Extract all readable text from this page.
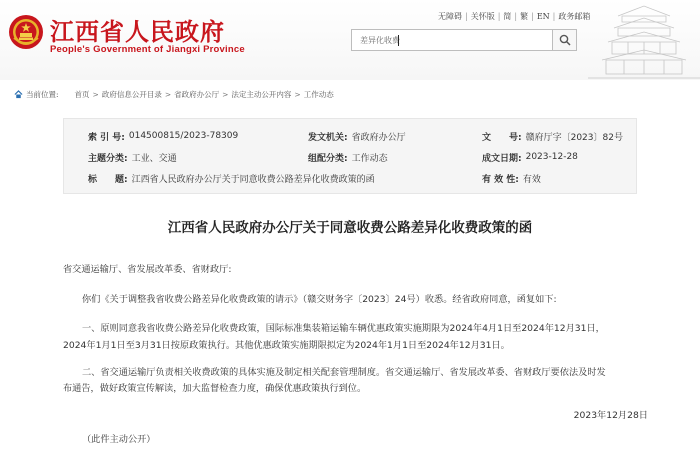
江西省人民政府
People's Government of Jiangxi Province
无障碍 | 关怀版 | 简 | 繁 | EN | 政务邮箱
差异化收费
当前位置: 首页 > 政府信息公开目录 > 省政府办公厅 > 法定主动公开内容 > 工作动态
索 引 号: 014500815/2023-78309	发文机关: 省政府办公厅	文　　号: 赣府厅字〔2023〕82号
主题分类: 工业、交通	组配分类: 工作动态	成文日期: 2023-12-28
标　　题: 江西省人民政府办公厅关于同意收费公路差异化收费政策的函	有 效 性: 有效
江西省人民政府办公厅关于同意收费公路差异化收费政策的函
省交通运输厅、省发展改革委、省财政厅:
你们《关于调整我省收费公路差异化收费政策的请示》（赣交财务字〔2023〕24号）收悉。经省政府同意，函复如下:
一、原则同意我省收费公路差异化收费政策，国际标准集装箱运输车辆优惠政策实施期限为2024年4月1日至2024年12月31日，
2024年1月1日至3月31日按原政策执行。其他优惠政策实施期限拟定为2024年1月1日至2024年12月31日。
二、省交通运输厅负责相关收费政策的具体实施及制定相关配套管理制度。省交通运输厅、省发展改革委、省财政厅要依法及时发
布通告，做好政策宣传解读，加大监督检查力度，确保优惠政策执行到位。
2023年12月28日
（此件主动公开）
